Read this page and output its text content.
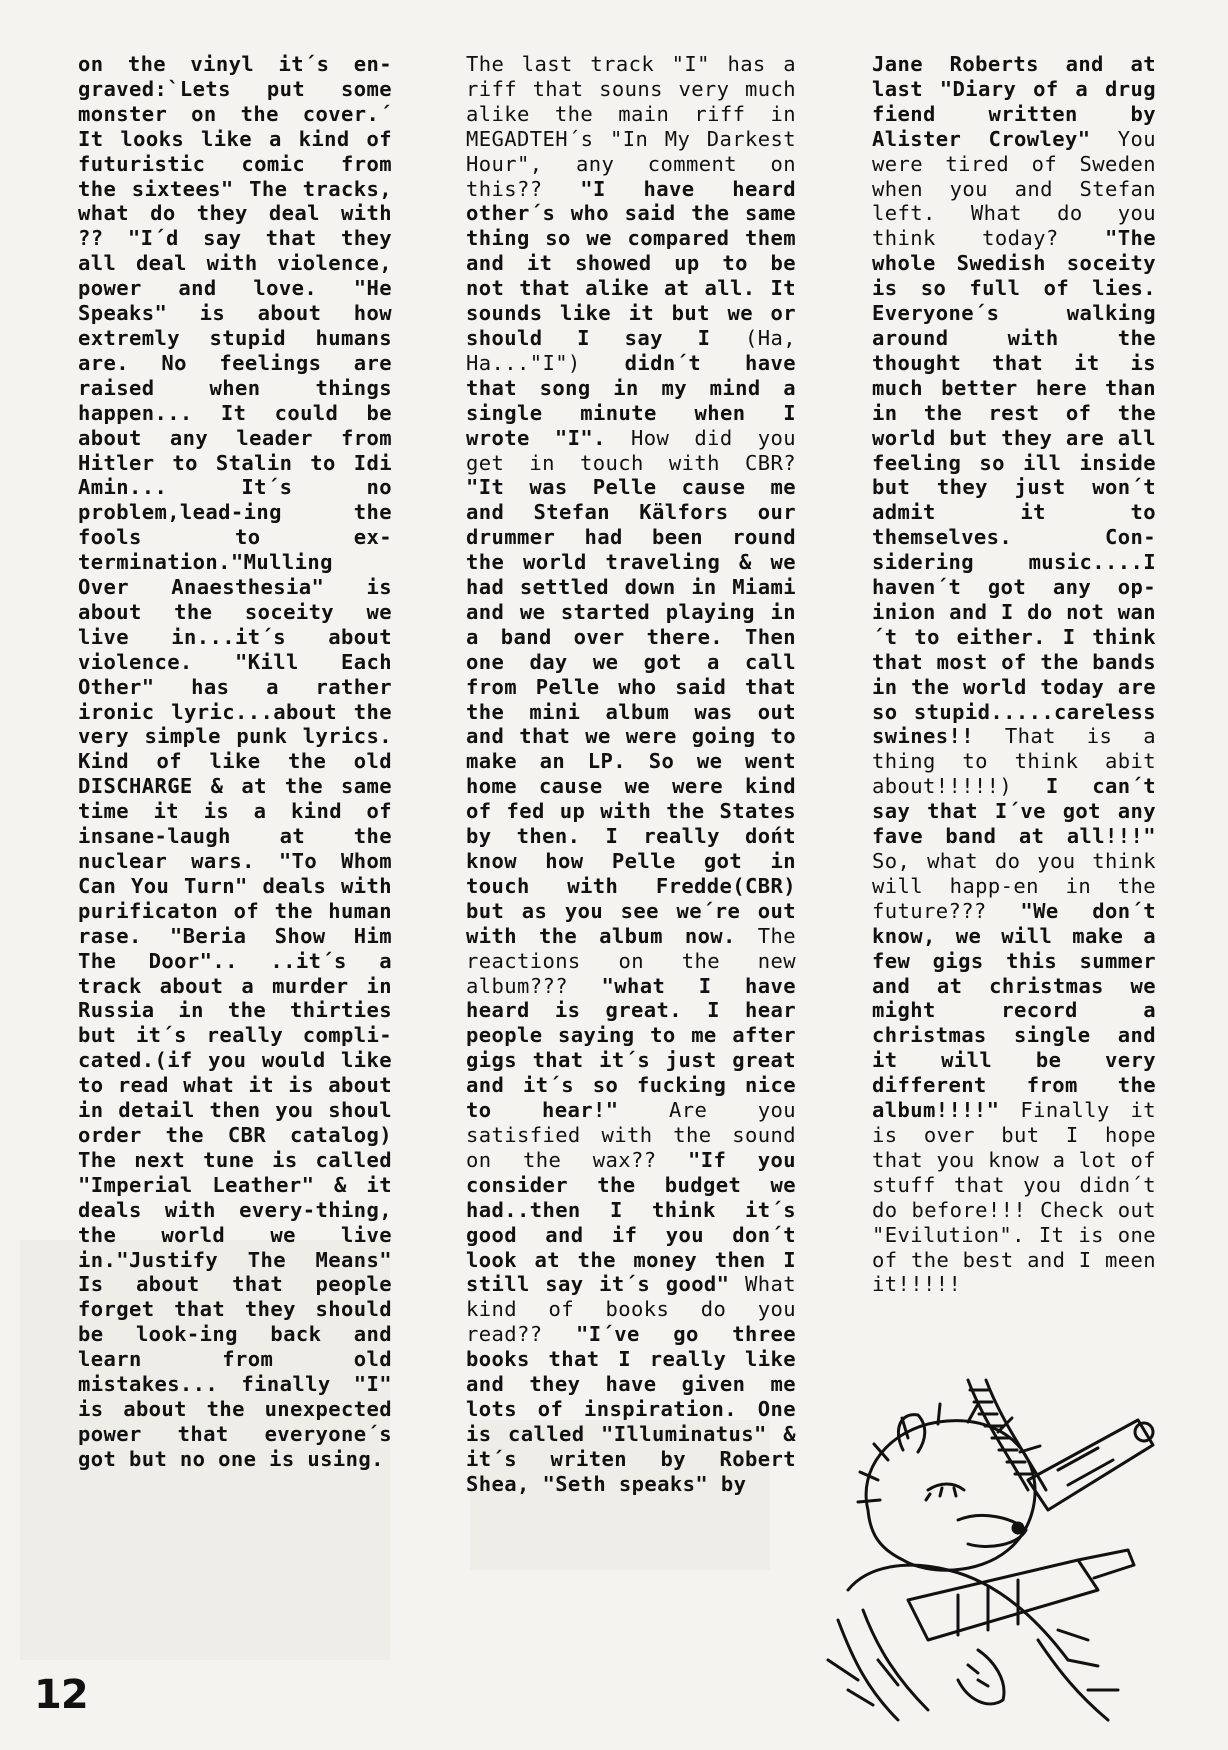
on the vinyl it´s en-graved:`Lets put some monster on the cover.´ It looks like a kind of futuristic comic from the sixtees" The tracks, what do they deal with ?? "I´d say that they all deal with violence, power and love. "He Speaks" is about how extremly stupid humans are. No feelings are raised when things happen... It could be about any leader from Hitler to Stalin to Idi Amin... It´s no problem,lead-ing the fools to ex-termination."Mulling Over Anaesthesia" is about the soceity we live in...it´s about violence. "Kill Each Other" has a rather ironic lyric...about the very simple punk lyrics. Kind of like the old DISCHARGE & at the same time it is a kind of insane-laugh at the nuclear wars. "To Whom Can You Turn" deals with purificaton of the human rase. "Beria Show Him The Door".. ..it´s a track about a murder in Russia in the thirties but it´s really compli-cated.(if you would like to read what it is about in detail then you shoul order the CBR catalog) The next tune is called "Imperial Leather" & it deals with every-thing, the world we live in."Justify The Means" Is about that people forget that they should be look-ing back and learn from old mistakes... finally "I" is about the unexpected power that everyone´s got but no one is using.

The last track "I" has a riff that souns very much alike the main riff in MEGADTEH´s "In My Darkest Hour", any comment on this?? "I have heard other´s who said the same thing so we compared them and it showed up to be not that alike at all. It sounds like it but we or should I say I (Ha, Ha..."I") didn´t have that song in my mind a single minute when I wrote "I". How did you get in touch with CBR? "It was Pelle cause me and Stefan Kälfors our drummer had been round the world traveling & we had settled down in Miami and we started playing in a band over there. Then one day we got a call from Pelle who said that the mini album was out and that we were going to make an LP. So we went home cause we were kind of fed up with the States by then. I really dońt know how Pelle got in touch with Fredde(CBR) but as you see we´re out with the album now. The reactions on the new album??? "what I have heard is great. I hear people saying to me after gigs that it´s just great and it´s so fucking nice to hear!" Are you satisfied with the sound on the wax?? "If you consider the budget we had..then I think it´s good and if you don´t look at the money then I still say it´s good" What kind of books do you read?? "I´ve go three books that I really like and they have given me lots of inspiration. One is called "Illuminatus" & it´s writen by Robert Shea, "Seth speaks" by

Jane Roberts and at last "Diary of a drug fiend written by Alister Crowley" You were tired of Sweden when you and Stefan left. What do you think today? "The whole Swedish soceity is so full of lies. Everyone´s walking around with the thought that it is much better here than in the rest of the world but they are all feeling so ill inside but they just won´t admit it to themselves. Con-sidering music....I haven´t got any op-inion and I do not wan´t to either. I think that most of the bands in the world today are so stupid.....careless swines!! That is a thing to think abit about!!!!!) I can´t say that I´ve got any fave band at all!!!" So, what do you think will happ-en in the future??? "We don´t know, we will make a few gigs this summer and at christmas we might record a christmas single and it will be very different from the album!!!!" Finally it is over but I hope that you know a lot of stuff that you didn´t do before!!! Check out "Evilution". It is one of the best and I meen it!!!!!

12
